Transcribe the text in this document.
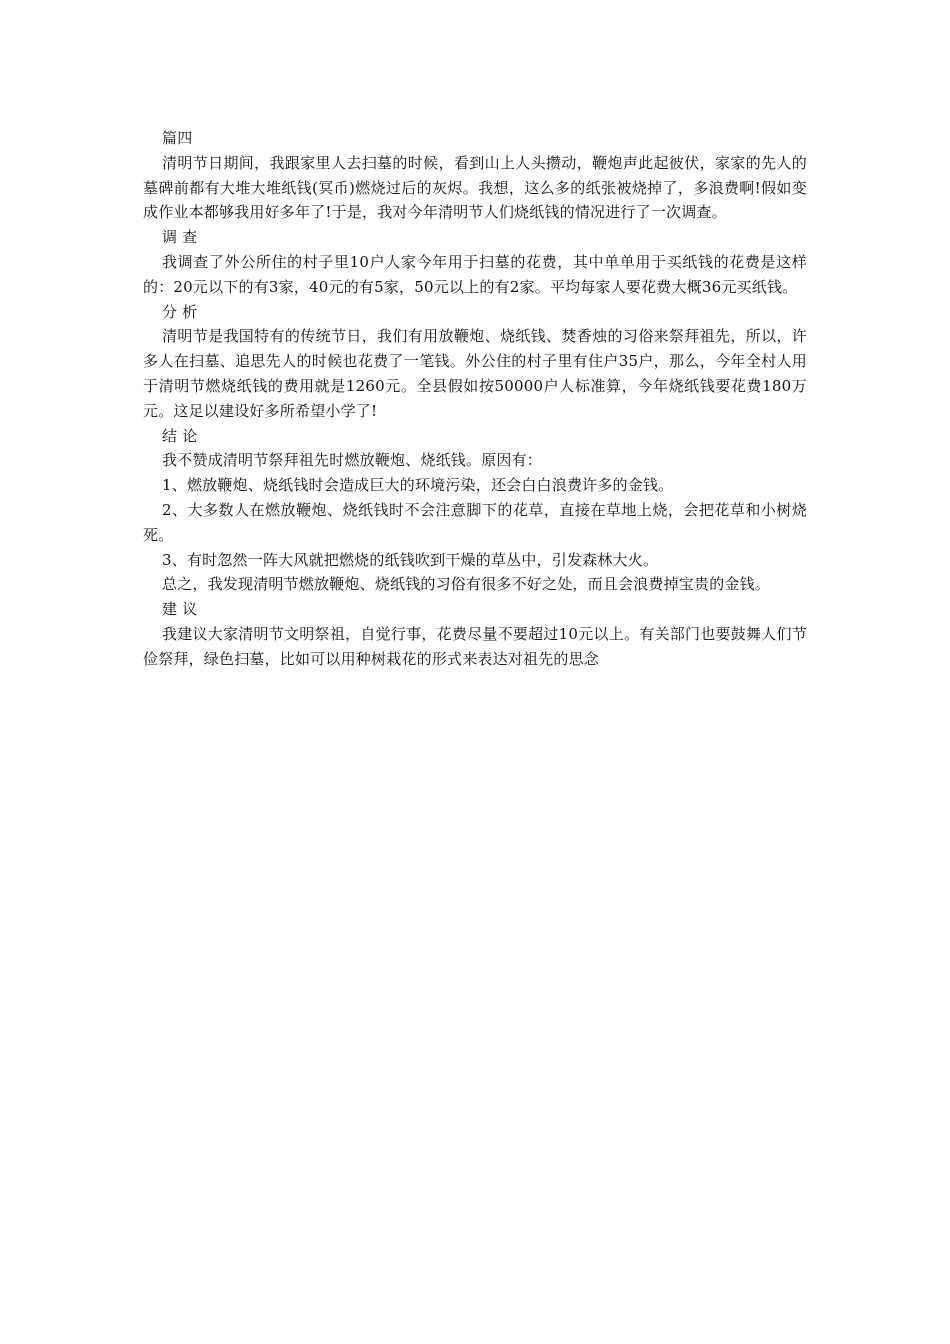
篇四

清明节日期间，我跟家里人去扫墓的时候，看到山上人头攒动，鞭炮声此起彼伏，家家的先人的墓碑前都有大堆大堆纸钱(冥币)燃烧过后的灰烬。我想，这么多的纸张被烧掉了，多浪费啊!假如变成作业本都够我用好多年了!于是，我对今年清明节人们烧纸钱的情况进行了一次调查。

调 查

我调查了外公所住的村子里10户人家今年用于扫墓的花费，其中单单用于买纸钱的花费是这样的：20元以下的有3家，40元的有5家，50元以上的有2家。平均每家人要花费大概36元买纸钱。

分 析

清明节是我国特有的传统节日，我们有用放鞭炮、烧纸钱、焚香烛的习俗来祭拜祖先，所以，许多人在扫墓、追思先人的时候也花费了一笔钱。外公住的村子里有住户35户，那么，今年全村人用于清明节燃烧纸钱的费用就是1260元。全县假如按50000户人标准算，今年烧纸钱要花费180万元。这足以建设好多所希望小学了!

结 论

我不赞成清明节祭拜祖先时燃放鞭炮、烧纸钱。原因有：

1、燃放鞭炮、烧纸钱时会造成巨大的环境污染，还会白白浪费许多的金钱。

2、大多数人在燃放鞭炮、烧纸钱时不会注意脚下的花草，直接在草地上烧，会把花草和小树烧死。

3、有时忽然一阵大风就把燃烧的纸钱吹到干燥的草丛中，引发森林大火。

总之，我发现清明节燃放鞭炮、烧纸钱的习俗有很多不好之处，而且会浪费掉宝贵的金钱。

建 议

我建议大家清明节文明祭祖，自觉行事，花费尽量不要超过10元以上。有关部门也要鼓舞人们节俭祭拜，绿色扫墓，比如可以用种树栽花的形式来表达对祖先的思念
